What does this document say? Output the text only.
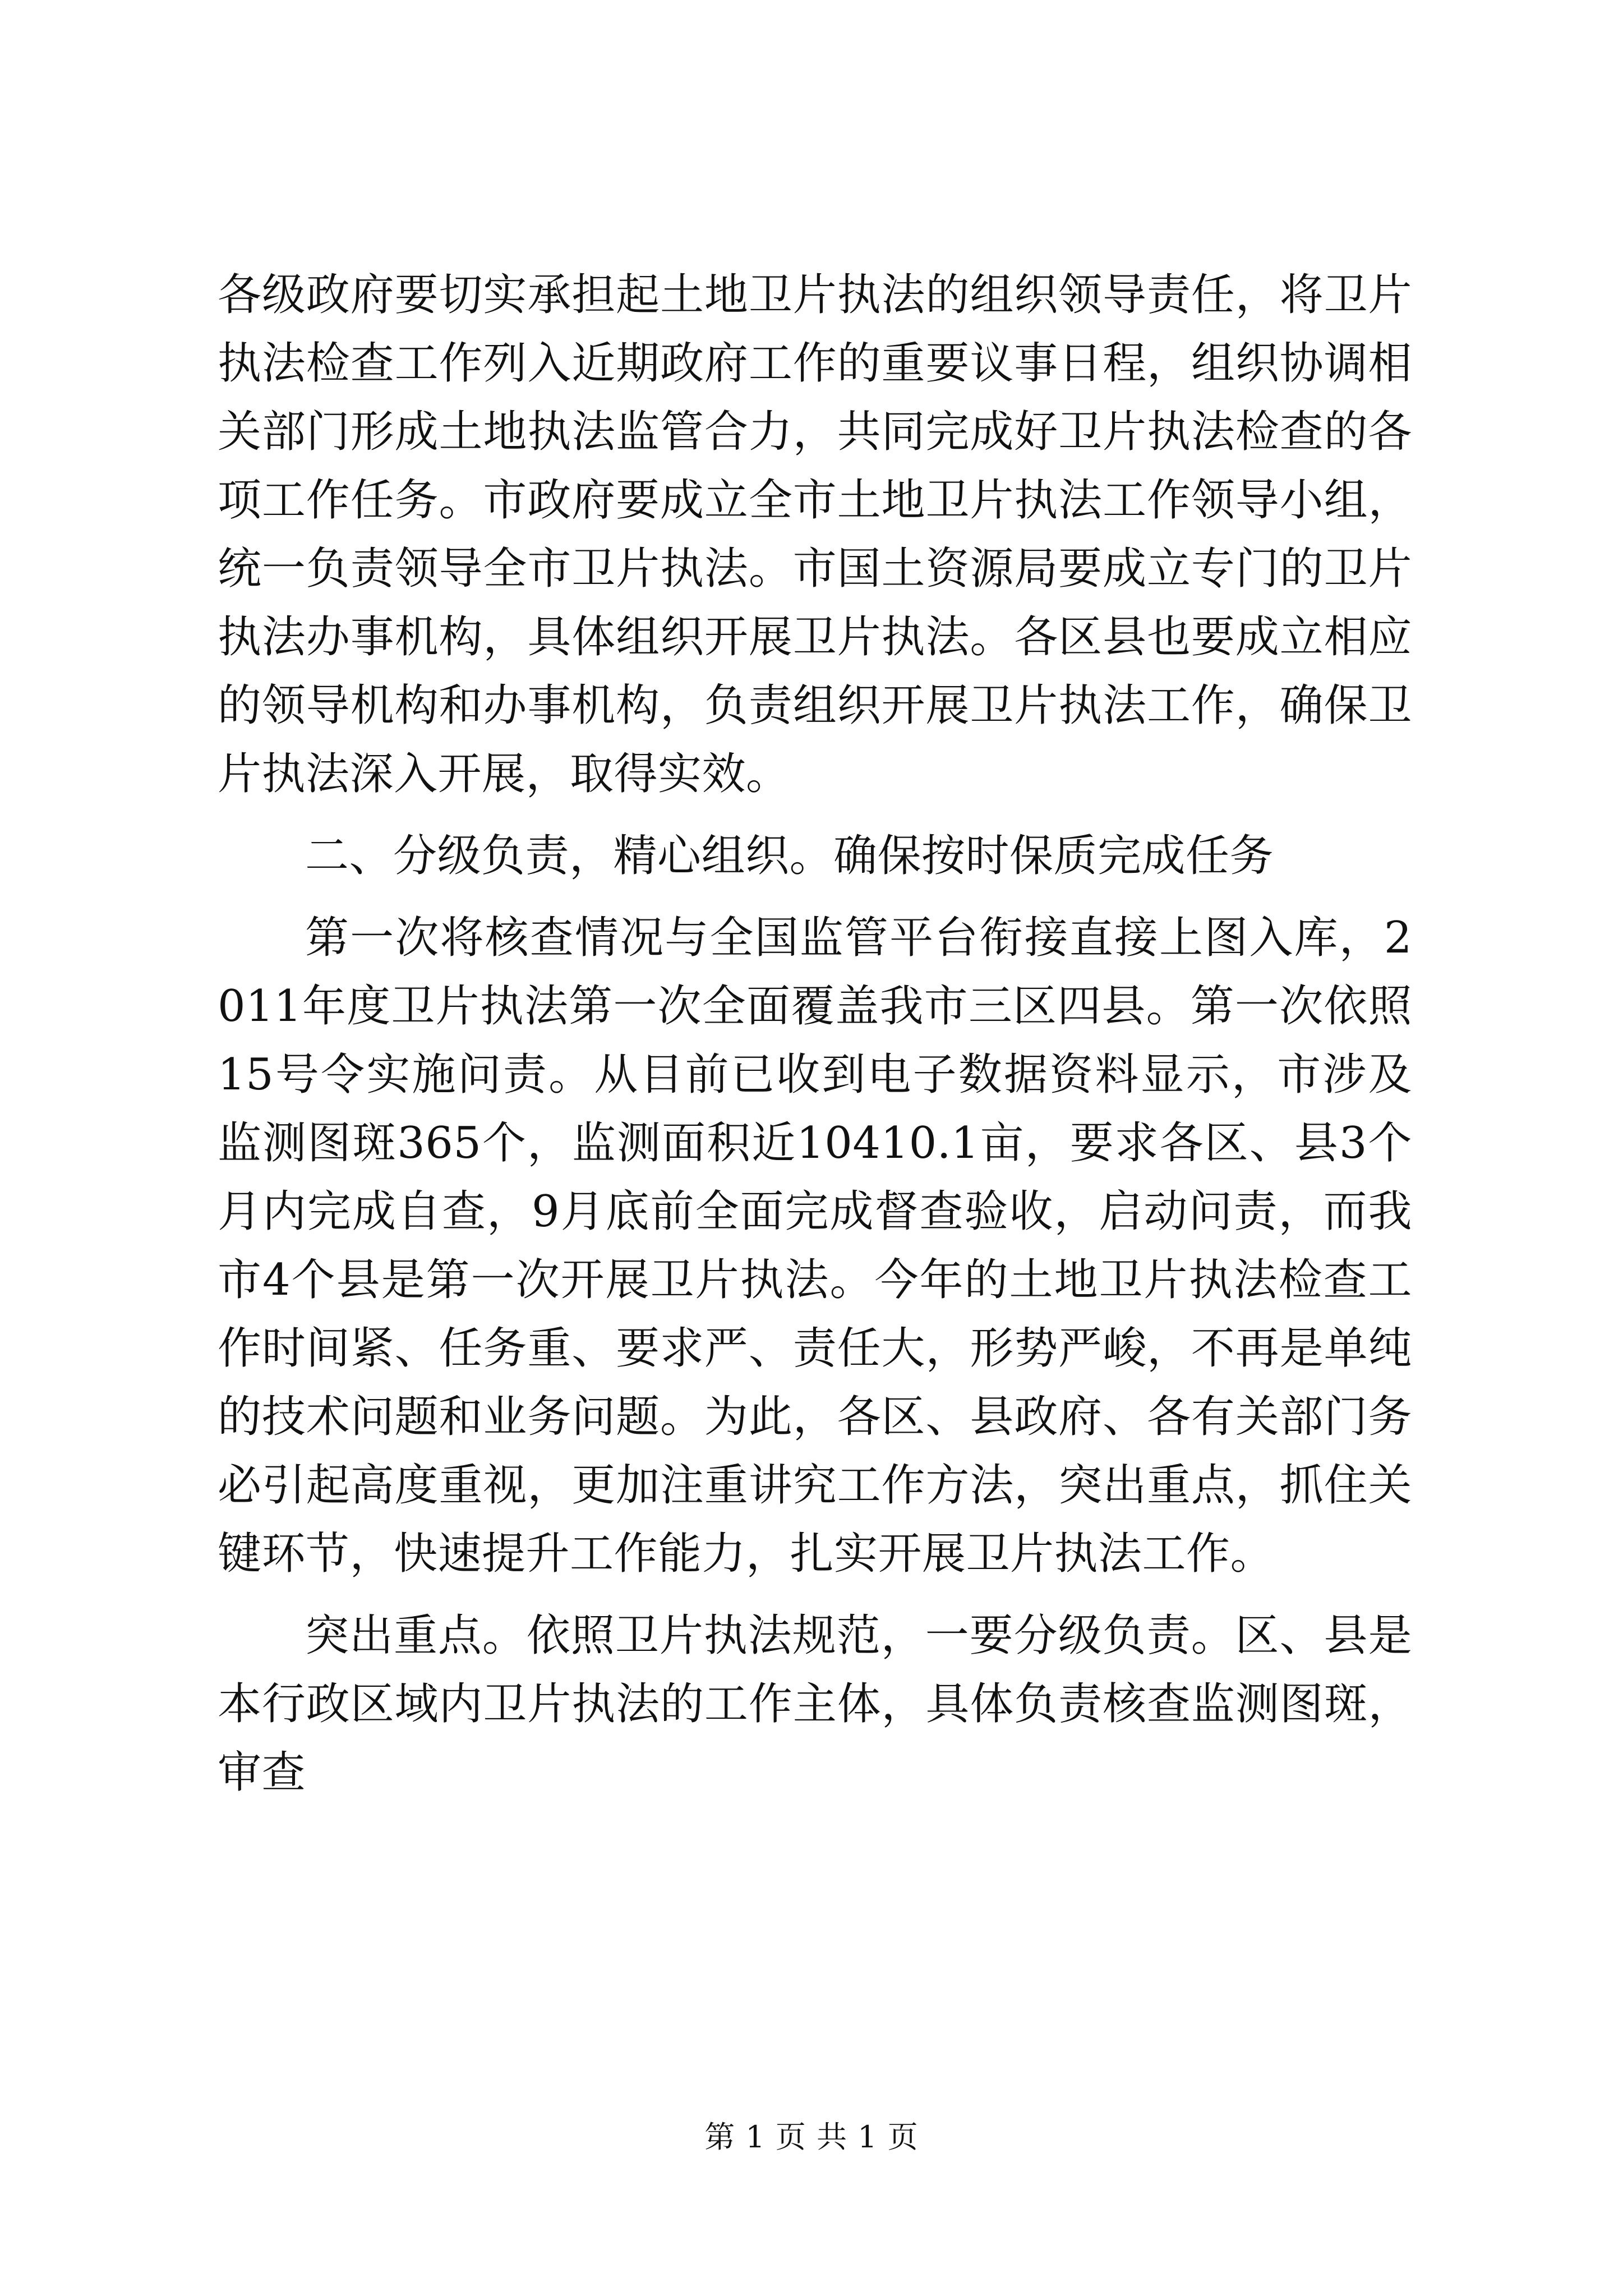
各级政府要切实承担起土地卫片执法的组织领导责任，将卫片执法检查工作列入近期政府工作的重要议事日程，组织协调相关部门形成土地执法监管合力，共同完成好卫片执法检查的各项工作任务。市政府要成立全市土地卫片执法工作领导小组，统一负责领导全市卫片执法。市国土资源局要成立专门的卫片执法办事机构，具体组织开展卫片执法。各区县也要成立相应的领导机构和办事机构，负责组织开展卫片执法工作，确保卫片执法深入开展，取得实效。

二、分级负责，精心组织。确保按时保质完成任务

第一次将核查情况与全国监管平台衔接直接上图入库，2011年度卫片执法第一次全面覆盖我市三区四县。第一次依照15号令实施问责。从目前已收到电子数据资料显示，市涉及监测图斑365个，监测面积近10410.1亩，要求各区、县3个月内完成自查，9月底前全面完成督查验收，启动问责，而我市4个县是第一次开展卫片执法。今年的土地卫片执法检查工作时间紧、任务重、要求严、责任大，形势严峻，不再是单纯的技术问题和业务问题。为此，各区、县政府、各有关部门务必引起高度重视，更加注重讲究工作方法，突出重点，抓住关键环节，快速提升工作能力，扎实开展卫片执法工作。

突出重点。依照卫片执法规范，一要分级负责。区、县是本行政区域内卫片执法的工作主体，具体负责核查监测图斑，审查

第 1 页 共 1 页
